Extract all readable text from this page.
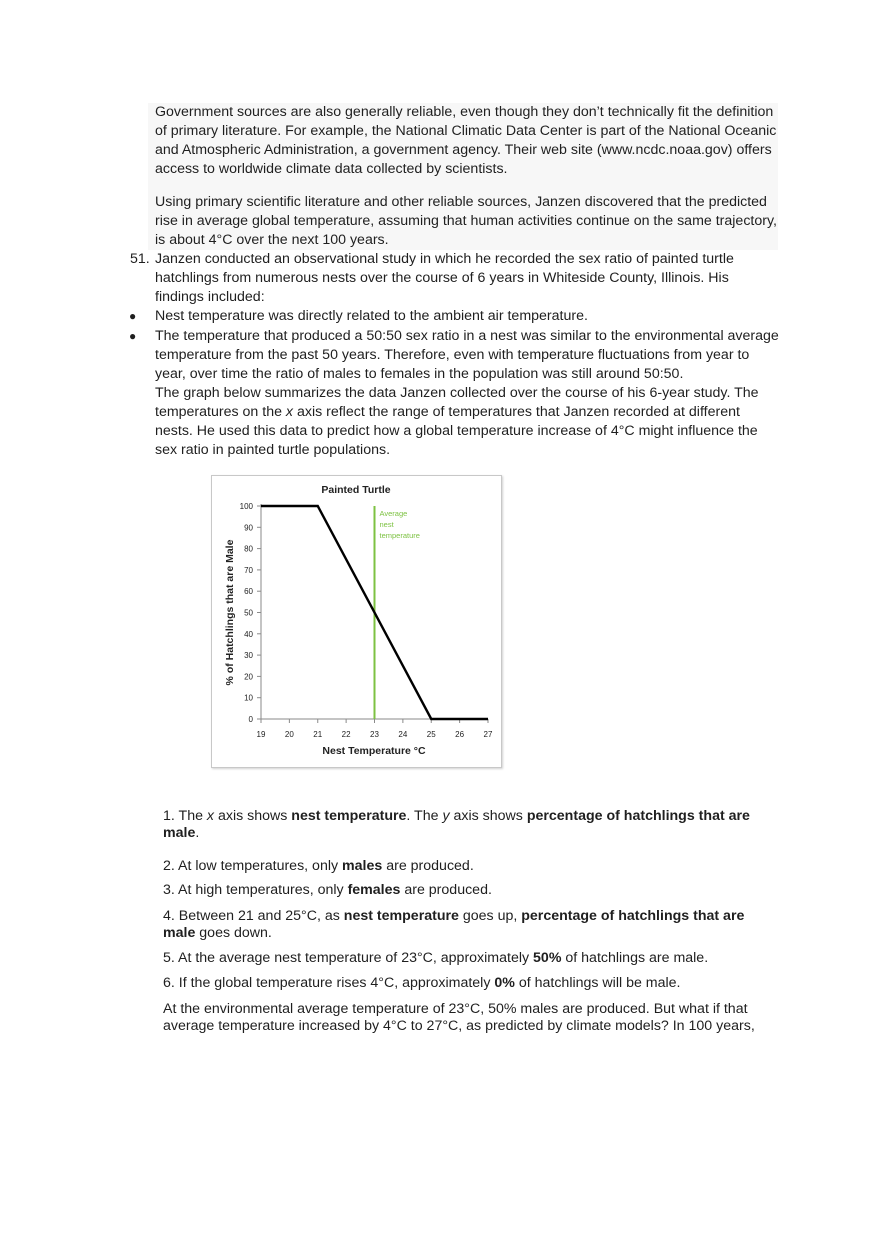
Government sources are also generally reliable, even though they don’t technically fit the definition of primary literature. For example, the National Climatic Data Center is part of the National Oceanic and Atmospheric Administration, a government agency. Their web site (www.ncdc.noaa.gov) offers access to worldwide climate data collected by scientists.

Using primary scientific literature and other reliable sources, Janzen discovered that the predicted rise in average global temperature, assuming that human activities continue on the same trajectory, is about 4°C over the next 100 years.

51. Janzen conducted an observational study in which he recorded the sex ratio of painted turtle hatchlings from numerous nests over the course of 6 years in Whiteside County, Illinois. His findings included:

● Nest temperature was directly related to the ambient air temperature.

● The temperature that produced a 50:50 sex ratio in a nest was similar to the environmental average temperature from the past 50 years. Therefore, even with temperature fluctuations from year to year, over time the ratio of males to females in the population was still around 50:50.

The graph below summarizes the data Janzen collected over the course of his 6-year study. The temperatures on the x axis reflect the range of temperatures that Janzen recorded at different nests. He used this data to predict how a global temperature increase of 4°C might influence the sex ratio in painted turtle populations.

Painted Turtle
0
10
20
30
40
50
60
70
80
90
100
19 20 21 22 23 24 25 26 27
Nest Temperature °C
% of Hatchlings that are Male
Average
nest
temperature

1. The x axis shows nest temperature. The y axis shows percentage of hatchlings that are male.

2. At low temperatures, only males are produced.

3. At high temperatures, only females are produced.

4. Between 21 and 25°C, as nest temperature goes up, percentage of hatchlings that are male goes down.

5. At the average nest temperature of 23°C, approximately 50% of hatchlings are male.

6. If the global temperature rises 4°C, approximately 0% of hatchlings will be male.

At the environmental average temperature of 23°C, 50% males are produced. But what if that average temperature increased by 4°C to 27°C, as predicted by climate models? In 100 years,
